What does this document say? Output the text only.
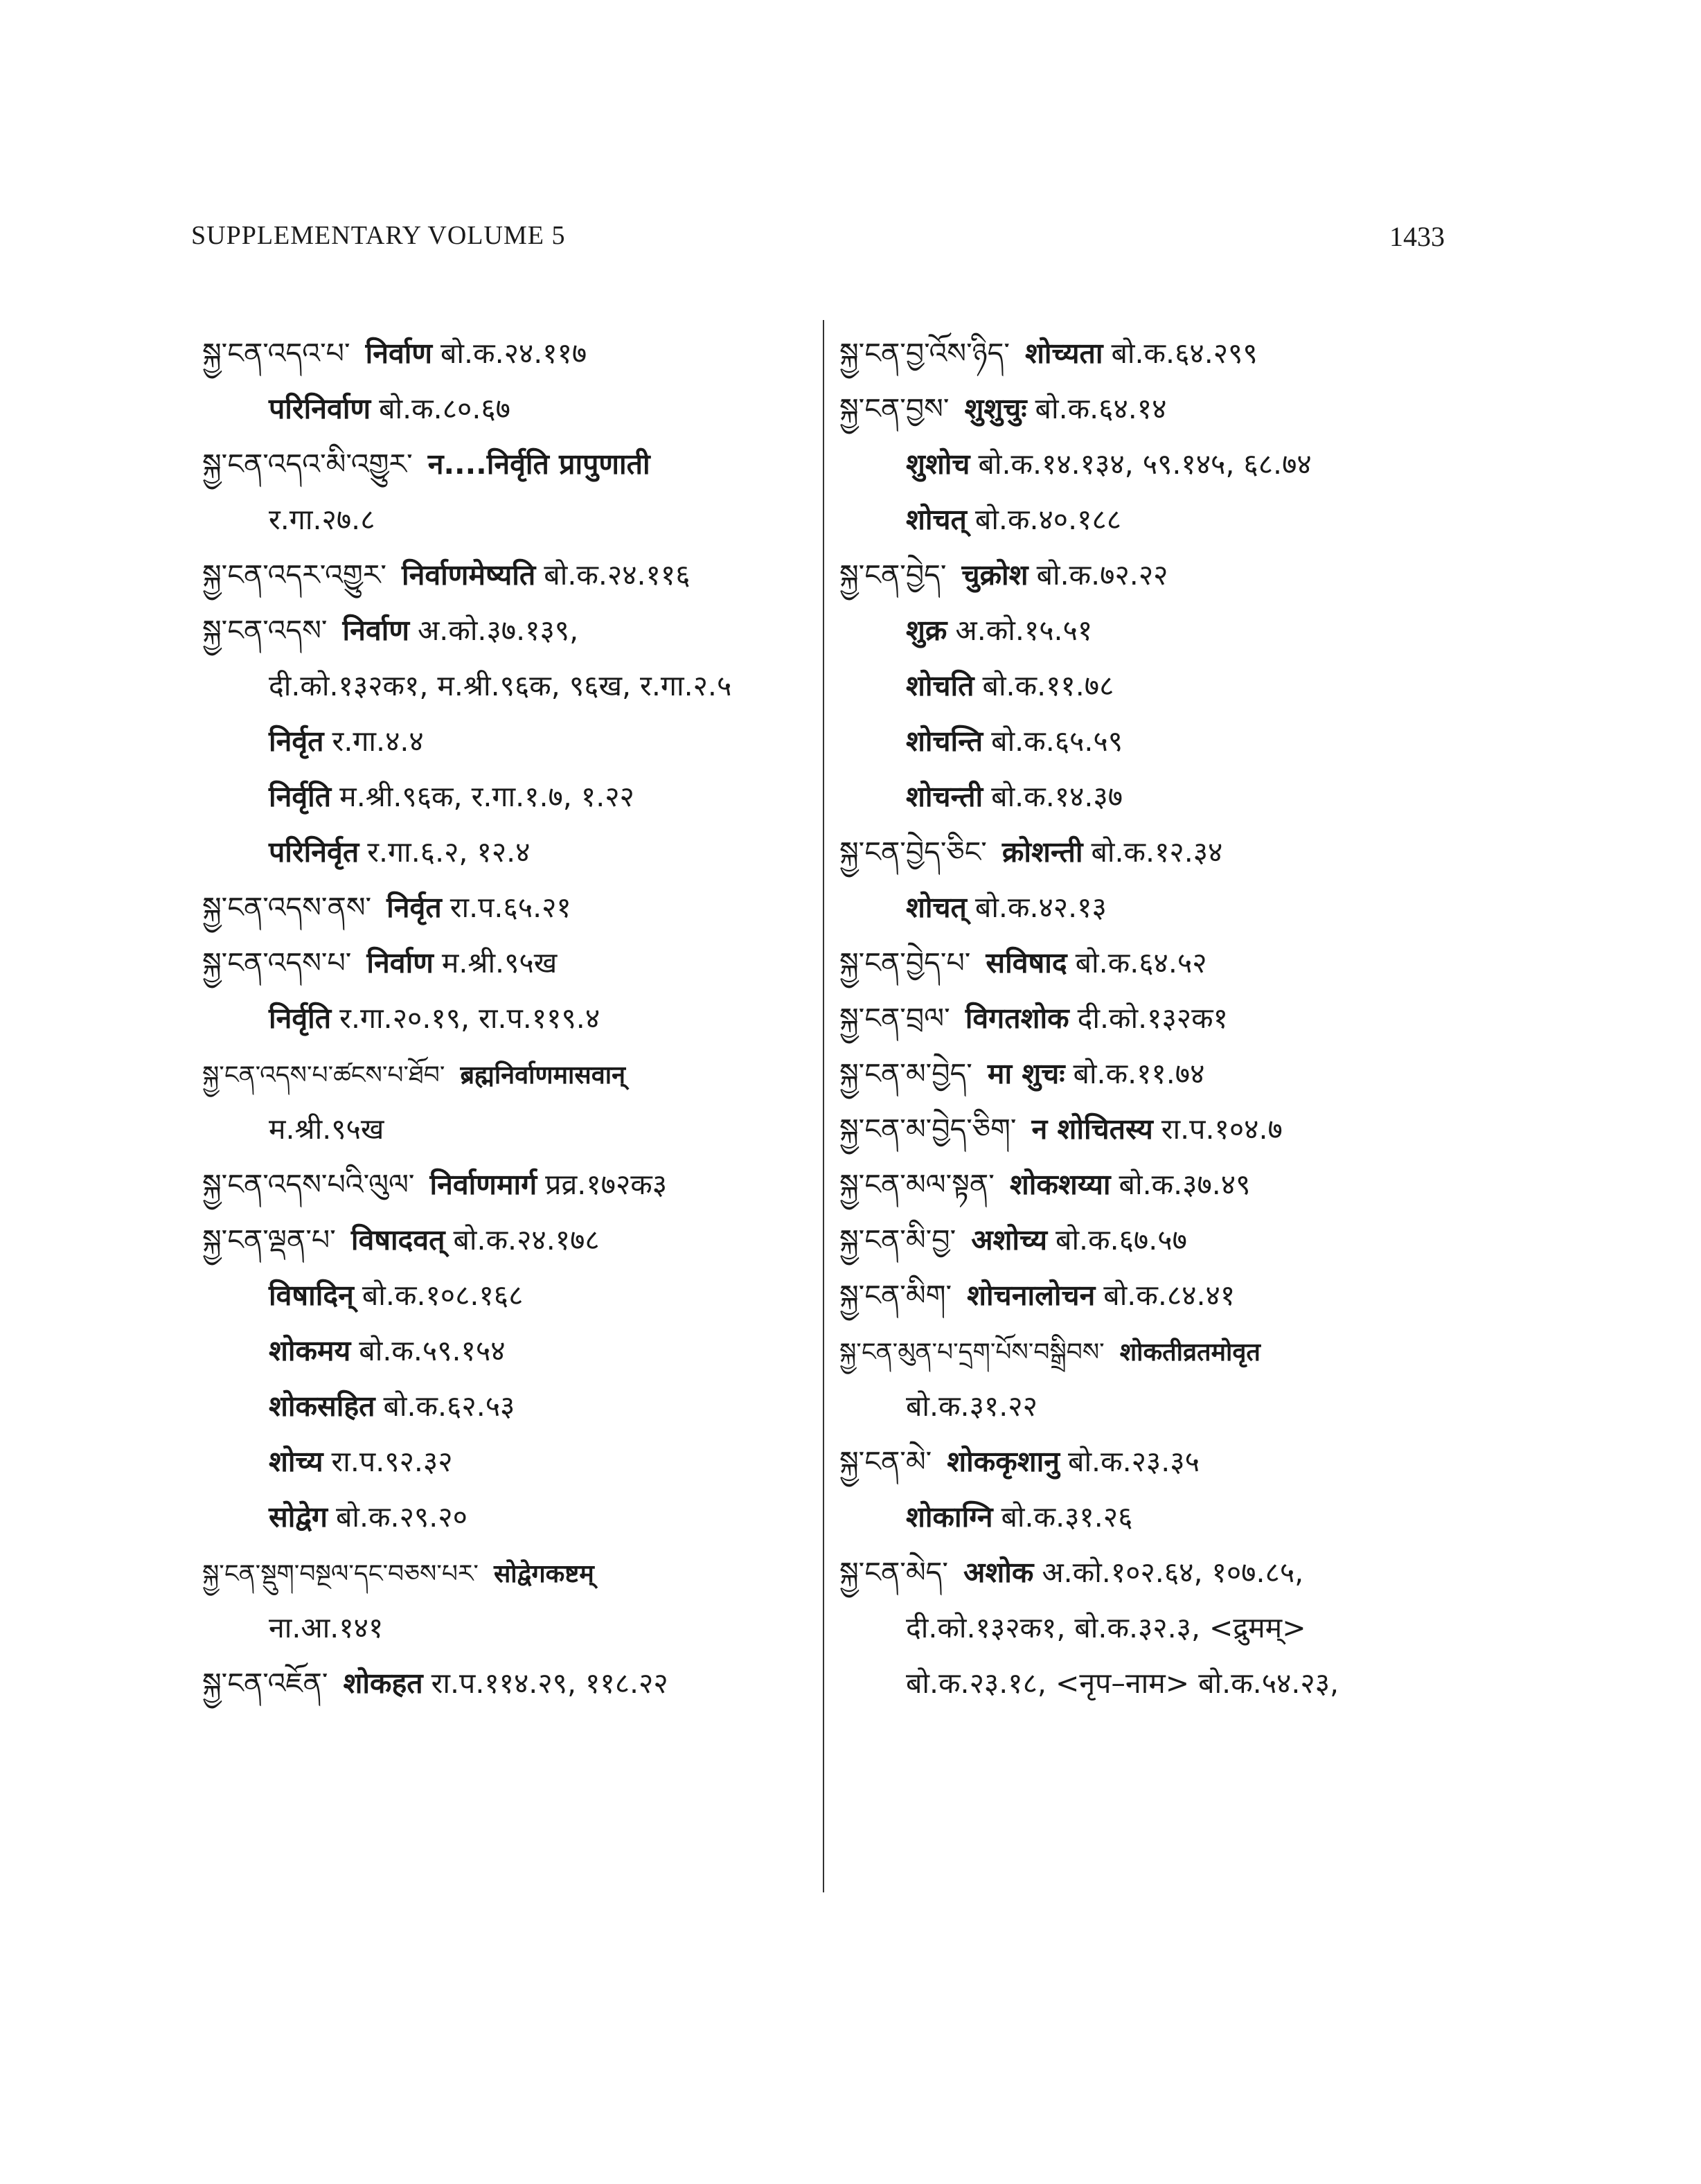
SUPPLEMENTARY VOLUME 5	1433
སྐྱ་ངན་འདའ་པ་ निर्वाण बो.क.२४.११७
परिनिर्वाण बो.क.८०.६७
སྐྱ་ངན་འདའ་མི་འགྱུར་ न....निर्वृति प्रापुणाती
र.गा.२७.८
སྐྱ་ངན་འདར་འགྱུར་ निर्वाणमेष्यति बो.क.२४.११६
སྐྱ་ངན་འདས་ निर्वाण अ.को.३७.१३९,
दी.को.१३२क१, म.श्री.९६क, ९६ख, र.गा.२.५
निर्वृत र.गा.४.४
निर्वृति म.श्री.९६क, र.गा.१.७, १.२२
परिनिर्वृत र.गा.६.२, १२.४
སྐྱ་ངན་འདས་ནས་ निर्वृत रा.प.६५.२१
སྐྱ་ངན་འདས་པ་ निर्वाण म.श्री.९५ख
निर्वृति र.गा.२०.१९, रा.प.११९.४
སྐྱ་ངན་འདས་པ་ཚངས་པ་ཐོབ་ ब्रह्मनिर्वाणमासवान्
म.श्री.९५ख
སྐྱ་ངན་འདས་པའི་ལུལ་ निर्वाणमार्ग प्रव्र.१७२क३
སྐྱ་ངན་ལྡན་པ་ विषादवत् बो.क.२४.१७८
विषादिन् बो.क.१०८.१६८
शोकमय बो.क.५९.१५४
शोकसहित बो.क.६२.५३
शोच्य रा.प.९२.३२
सोद्वेग बो.क.२९.२०
སྐྱ་ངན་སྡུག་བསྔལ་དང་བཅས་པར་ सोद्वेगकष्टम्
ना.आ.१४१
སྐྱ་ངན་འཇོན་ शोकहत रा.प.११४.२९, ११८.२२
སྐྱ་ངན་བྱ་འོས་ཉིད་ शोच्यता बो.क.६४.२९९
སྐྱ་ངན་བྱས་ शुशुचुः बो.क.६४.१४
शुशोच बो.क.१४.१३४, ५९.१४५, ६८.७४
शोचत् बो.क.४०.१८८
སྐྱ་ངན་བྱེད་ चुक्रोश बो.क.७२.२२
शुक्र अ.को.१५.५१
शोचति बो.क.११.७८
शोचन्ति बो.क.६५.५९
शोचन्ती बो.क.१४.३७
སྐྱ་ངན་བྱེད་ཅིང་ क्रोशन्ती बो.क.१२.३४
शोचत् बो.क.४२.१३
སྐྱ་ངན་བྱེད་པ་ सविषाद बो.क.६४.५२
སྐྱ་ངན་བྲལ་ विगतशोक दी.को.१३२क१
སྐྱ་ངན་མ་བྱེད་ मा शुचः बो.क.११.७४
སྐྱ་ངན་མ་བྱེད་ཅིག་ न शोचितस्य रा.प.१०४.७
སྐྱ་ངན་མལ་སྟན་ शोकशय्या बो.क.३७.४९
སྐྱ་ངན་མི་བྱ་ अशोच्य बो.क.६७.५७
སྐྱ་ངན་མིག་ शोचनालोचन बो.क.८४.४१
སྐྱ་ངན་མུན་པ་དྲག་པོས་བསྒྲིབས་ शोकतीव्रतमोवृत
बो.क.३१.२२
སྐྱ་ངན་མེ་ शोककृशानु बो.क.२३.३५
शोकाग्नि बो.क.३१.२६
སྐྱ་ངན་མེད་ अशोक अ.को.१०२.६४, १०७.८५,
दी.को.१३२क१, बो.क.३२.३, <द्रुमम्>
बो.क.२३.१८, <नृप–नाम> बो.क.५४.२३,
